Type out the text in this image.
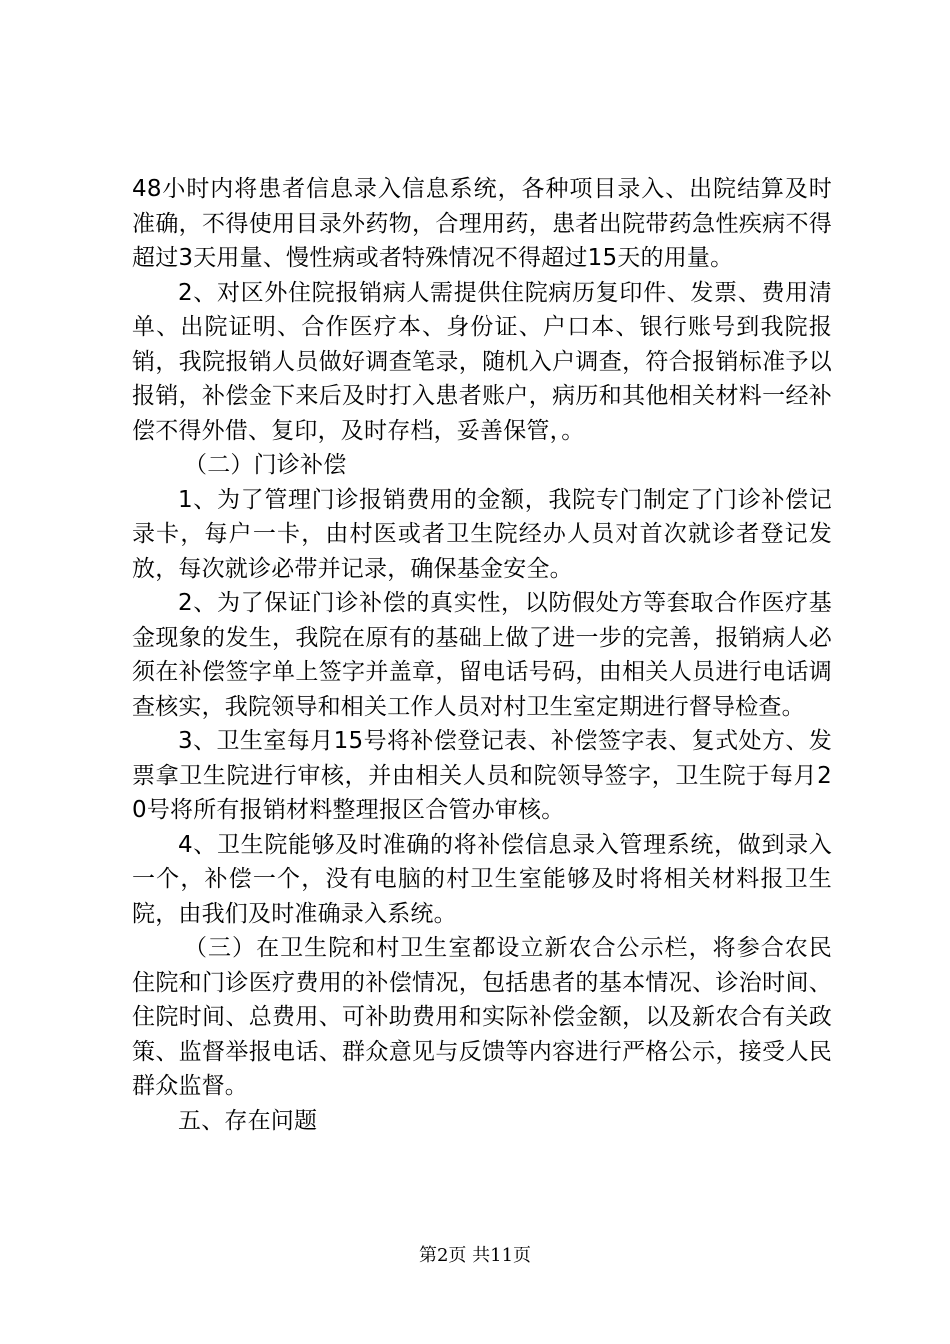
48小时内将患者信息录入信息系统，各种项目录入、出院结算及时准确，不得使用目录外药物，合理用药，患者出院带药急性疾病不得超过3天用量、慢性病或者特殊情况不得超过15天的用量。

2、对区外住院报销病人需提供住院病历复印件、发票、费用清单、出院证明、合作医疗本、身份证、户口本、银行账号到我院报销，我院报销人员做好调查笔录，随机入户调查，符合报销标准予以报销，补偿金下来后及时打入患者账户，病历和其他相关材料一经补偿不得外借、复印，及时存档，妥善保管，。

（二）门诊补偿

1、为了管理门诊报销费用的金额，我院专门制定了门诊补偿记录卡，每户一卡，由村医或者卫生院经办人员对首次就诊者登记发放，每次就诊必带并记录，确保基金安全。

2、为了保证门诊补偿的真实性，以防假处方等套取合作医疗基金现象的发生，我院在原有的基础上做了进一步的完善，报销病人必须在补偿签字单上签字并盖章，留电话号码，由相关人员进行电话调查核实，我院领导和相关工作人员对村卫生室定期进行督导检查。

3、卫生室每月15号将补偿登记表、补偿签字表、复式处方、发票拿卫生院进行审核，并由相关人员和院领导签字，卫生院于每月20号将所有报销材料整理报区合管办审核。

4、卫生院能够及时准确的将补偿信息录入管理系统，做到录入一个，补偿一个，没有电脑的村卫生室能够及时将相关材料报卫生院，由我们及时准确录入系统。

（三）在卫生院和村卫生室都设立新农合公示栏，将参合农民住院和门诊医疗费用的补偿情况，包括患者的基本情况、诊治时间、住院时间、总费用、可补助费用和实际补偿金额，以及新农合有关政策、监督举报电话、群众意见与反馈等内容进行严格公示，接受人民群众监督。

五、存在问题

第2页 共11页
